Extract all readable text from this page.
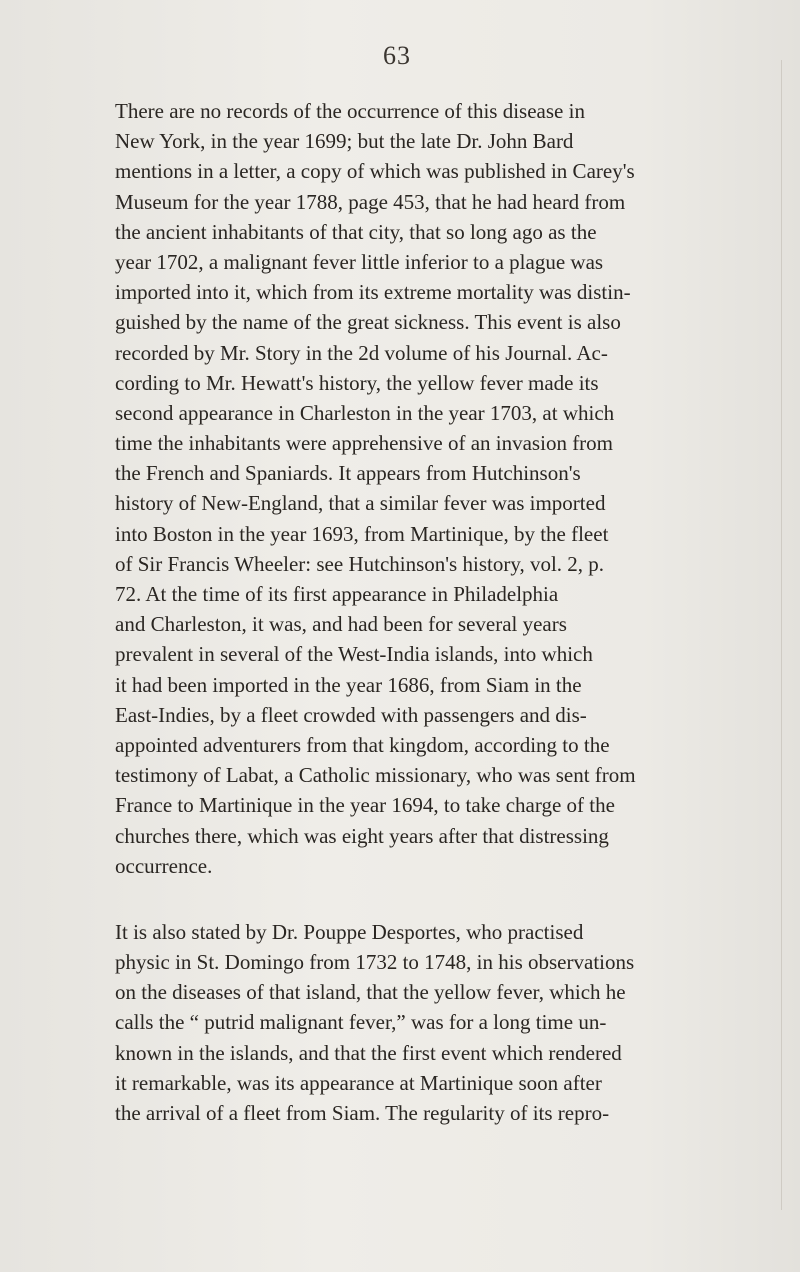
63
There are no records of the occurrence of this disease in
New York, in the year 1699; but the late Dr. John Bard
mentions in a letter, a copy of which was published in Carey's
Museum for the year 1788, page 453, that he had heard from
the ancient inhabitants of that city, that so long ago as the
year 1702, a malignant fever little inferior to a plague was
imported into it, which from its extreme mortality was distin-
guished by the name of the great sickness. This event is also
recorded by Mr. Story in the 2d volume of his Journal. Ac-
cording to Mr. Hewatt's history, the yellow fever made its
second appearance in Charleston in the year 1703, at which
time the inhabitants were apprehensive of an invasion from
the French and Spaniards. It appears from Hutchinson's
history of New-England, that a similar fever was imported
into Boston in the year 1693, from Martinique, by the fleet
of Sir Francis Wheeler: see Hutchinson's history, vol. 2, p.
72. At the time of its first appearance in Philadelphia
and Charleston, it was, and had been for several years
prevalent in several of the West-India islands, into which
it had been imported in the year 1686, from Siam in the
East-Indies, by a fleet crowded with passengers and dis-
appointed adventurers from that kingdom, according to the
testimony of Labat, a Catholic missionary, who was sent from
France to Martinique in the year 1694, to take charge of the
churches there, which was eight years after that distressing
occurrence.
It is also stated by Dr. Pouppe Desportes, who practised
physic in St. Domingo from 1732 to 1748, in his observations
on the diseases of that island, that the yellow fever, which he
calls the “ putrid malignant fever,” was for a long time un-
known in the islands, and that the first event which rendered
it remarkable, was its appearance at Martinique soon after
the arrival of a fleet from Siam. The regularity of its repro-
